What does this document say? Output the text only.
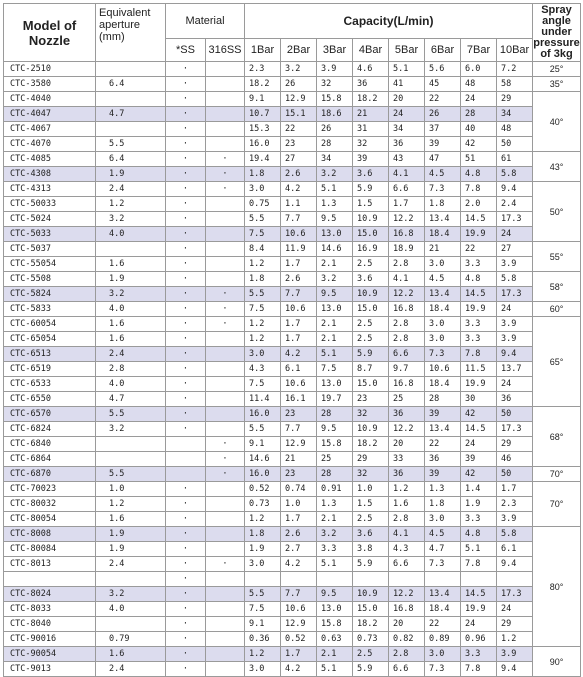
Model of Nozzle	Equivalent aperture (mm)	Material		Capacity(L/min)								Spray angle under pressure of 3kg
		*SS	316SS	1Bar	2Bar	3Bar	4Bar	5Bar	6Bar	7Bar	10Bar	
CTC-2510		·		2.3	3.2	3.9	4.6	5.1	5.6	6.0	7.2	25°
CTC-3580	6.4	·		18.2	26	32	36	41	45	48	58	35°
CTC-4040		·		9.1	12.9	15.8	18.2	20	22	24	29	40°
CTC-4047	4.7	·		10.7	15.1	18.6	21	24	26	28	34	
CTC-4067		·		15.3	22	26	31	34	37	40	48	
CTC-4070	5.5	·		16.0	23	28	32	36	39	42	50	
CTC-4085	6.4	·	·	19.4	27	34	39	43	47	51	61	43°
CTC-4308	1.9	·	·	1.8	2.6	3.2	3.6	4.1	4.5	4.8	5.8	
CTC-4313	2.4	·	·	3.0	4.2	5.1	5.9	6.6	7.3	7.8	9.4	50°
CTC-50033	1.2	·		0.75	1.1	1.3	1.5	1.7	1.8	2.0	2.4	
CTC-5024	3.2	·		5.5	7.7	9.5	10.9	12.2	13.4	14.5	17.3	
CTC-5033	4.0	·		7.5	10.6	13.0	15.0	16.8	18.4	19.9	24	
CTC-5037		·		8.4	11.9	14.6	16.9	18.9	21	22	27	55°
CTC-55054	1.6	·		1.2	1.7	2.1	2.5	2.8	3.0	3.3	3.9	
CTC-5508	1.9	·		1.8	2.6	3.2	3.6	4.1	4.5	4.8	5.8	58°
CTC-5824	3.2	·	·	5.5	7.7	9.5	10.9	12.2	13.4	14.5	17.3	
CTC-5833	4.0	·	·	7.5	10.6	13.0	15.0	16.8	18.4	19.9	24	60°
CTC-60054	1.6	·	·	1.2	1.7	2.1	2.5	2.8	3.0	3.3	3.9	65°
CTC-65054	1.6	·		1.2	1.7	2.1	2.5	2.8	3.0	3.3	3.9	
CTC-6513	2.4	·		3.0	4.2	5.1	5.9	6.6	7.3	7.8	9.4	
CTC-6519	2.8	·		4.3	6.1	7.5	8.7	9.7	10.6	11.5	13.7	
CTC-6533	4.0	·		7.5	10.6	13.0	15.0	16.8	18.4	19.9	24	
CTC-6550	4.7	·		11.4	16.1	19.7	23	25	28	30	36	
CTC-6570	5.5	·		16.0	23	28	32	36	39	42	50	68°
CTC-6824	3.2	·		5.5	7.7	9.5	10.9	12.2	13.4	14.5	17.3	
CTC-6840			·	9.1	12.9	15.8	18.2	20	22	24	29	
CTC-6864			·	14.6	21	25	29	33	36	39	46	
CTC-6870	5.5		·	16.0	23	28	32	36	39	42	50	70°
CTC-70023	1.0	·		0.52	0.74	0.91	1.0	1.2	1.3	1.4	1.7	70°
CTC-80032	1.2	·		0.73	1.0	1.3	1.5	1.6	1.8	1.9	2.3	
CTC-80054	1.6	·		1.2	1.7	2.1	2.5	2.8	3.0	3.3	3.9	
CTC-8008	1.9	·		1.8	2.6	3.2	3.6	4.1	4.5	4.8	5.8	80°
CTC-80084	1.9	·		1.9	2.7	3.3	3.8	4.3	4.7	5.1	6.1	
CTC-8013	2.4	·	·	3.0	4.2	5.1	5.9	6.6	7.3	7.8	9.4	
		·										
CTC-8024	3.2	·		5.5	7.7	9.5	10.9	12.2	13.4	14.5	17.3	
CTC-8033	4.0	·		7.5	10.6	13.0	15.0	16.8	18.4	19.9	24	
CTC-8040		·		9.1	12.9	15.8	18.2	20	22	24	29	
CTC-90016	0.79	·		0.36	0.52	0.63	0.73	0.82	0.89	0.96	1.2	
CTC-90054	1.6	·		1.2	1.7	2.1	2.5	2.8	3.0	3.3	3.9	90°
CTC-9013	2.4	·		3.0	4.2	5.1	5.9	6.6	7.3	7.8	9.4	
